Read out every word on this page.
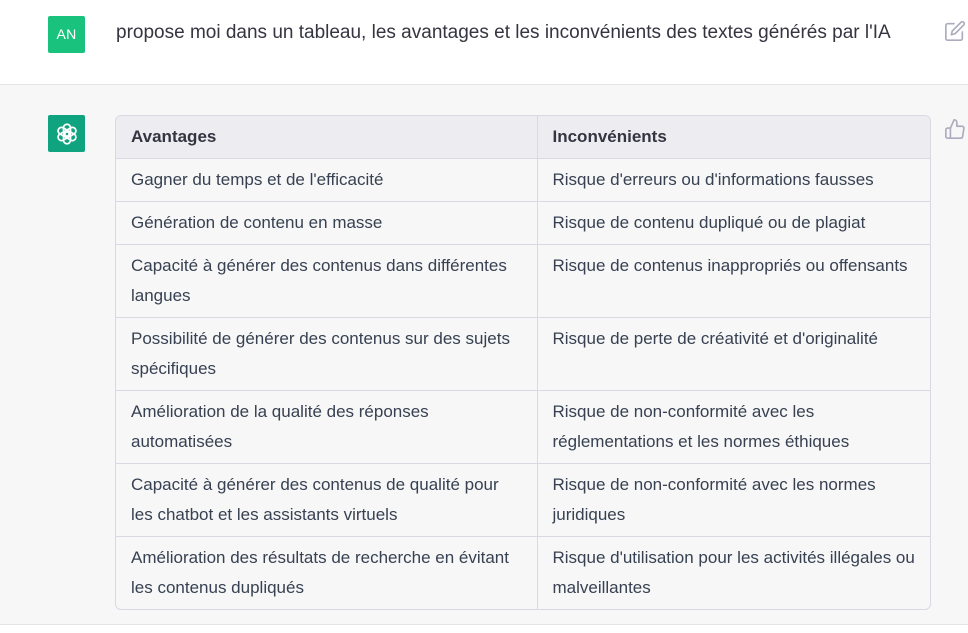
AN	propose moi dans un tableau, les avantages et les inconvénients des textes générés par l'IA
Avantages	Inconvénients
Gagner du temps et de l'efficacité	Risque d'erreurs ou d'informations fausses
Génération de contenu en masse	Risque de contenu dupliqué ou de plagiat
Capacité à générer des contenus dans différentes langues	Risque de contenus inappropriés ou offensants
Possibilité de générer des contenus sur des sujets spécifiques	Risque de perte de créativité et d'originalité
Amélioration de la qualité des réponses automatisées	Risque de non-conformité avec les réglementations et les normes éthiques
Capacité à générer des contenus de qualité pour les chatbot et les assistants virtuels	Risque de non-conformité avec les normes juridiques
Amélioration des résultats de recherche en évitant les contenus dupliqués	Risque d'utilisation pour les activités illégales ou malveillantes
